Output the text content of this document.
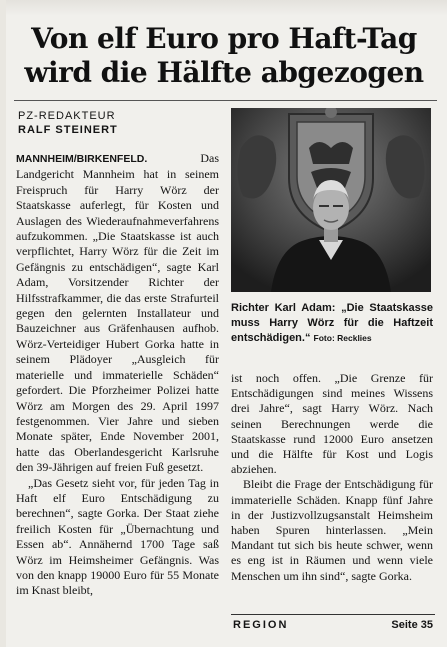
Von elf Euro pro Haft-Tag wird die Hälfte abgezogen
PZ-REDAKTEUR
RALF STEINERT

MANNHEIM/BIRKENFELD. Das Landgericht Mannheim hat in seinem Freispruch für Harry Wörz der Staatskasse auferlegt, für Kosten und Auslagen des Wiederaufnahmeverfahrens aufzukommen. „Die Staatskasse ist auch verpflichtet, Harry Wörz für die Zeit im Gefängnis zu entschädigen“, sagte Karl Adam, Vorsitzender Richter der Hilfsstrafkammer, die das erste Strafurteil gegen den gelernten Installateur und Bauzeichner aus Gräfenhausen aufhob. Wörz-Verteidiger Hubert Gorka hatte in seinem Plädoyer „Ausgleich für materielle und immaterielle Schäden“ gefordert. Die Pforzheimer Polizei hatte Wörz am Morgen des 29. April 1997 festgenommen. Vier Jahre und sieben Monate später, Ende November 2001, hatte das Oberlandesgericht Karlsruhe den 39-Jährigen auf freien Fuß gesetzt.

„Das Gesetz sieht vor, für jeden Tag in Haft elf Euro Entschädigung zu berechnen“, sagte Gorka. Der Staat ziehe freilich Kosten für „Übernachtung und Essen ab“. Annähernd 1700 Tage saß Wörz im Heimsheimer Gefängnis. Was von den knapp 19000 Euro für 55 Monate im Knast bleibt,

Richter Karl Adam: „Die Staatskasse muss Harry Wörz für die Haftzeit entschädigen.“ Foto: Recklies

ist noch offen. „Die Grenze für Entschädigungen sind meines Wissens drei Jahre“, sagt Harry Wörz. Nach seinen Berechnungen werde die Staatskasse rund 12000 Euro ansetzen und die Hälfte für Kost und Logis abziehen.

Bleibt die Frage der Entschädigung für immaterielle Schäden. Knapp fünf Jahre in der Justizvollzugsanstalt Heimsheim haben Spuren hinterlassen. „Mein Mandant tut sich bis heute schwer, wenn es eng ist in Räumen und wenn viele Menschen um ihn sind“, sagte Gorka.

REGION	Seite 35
